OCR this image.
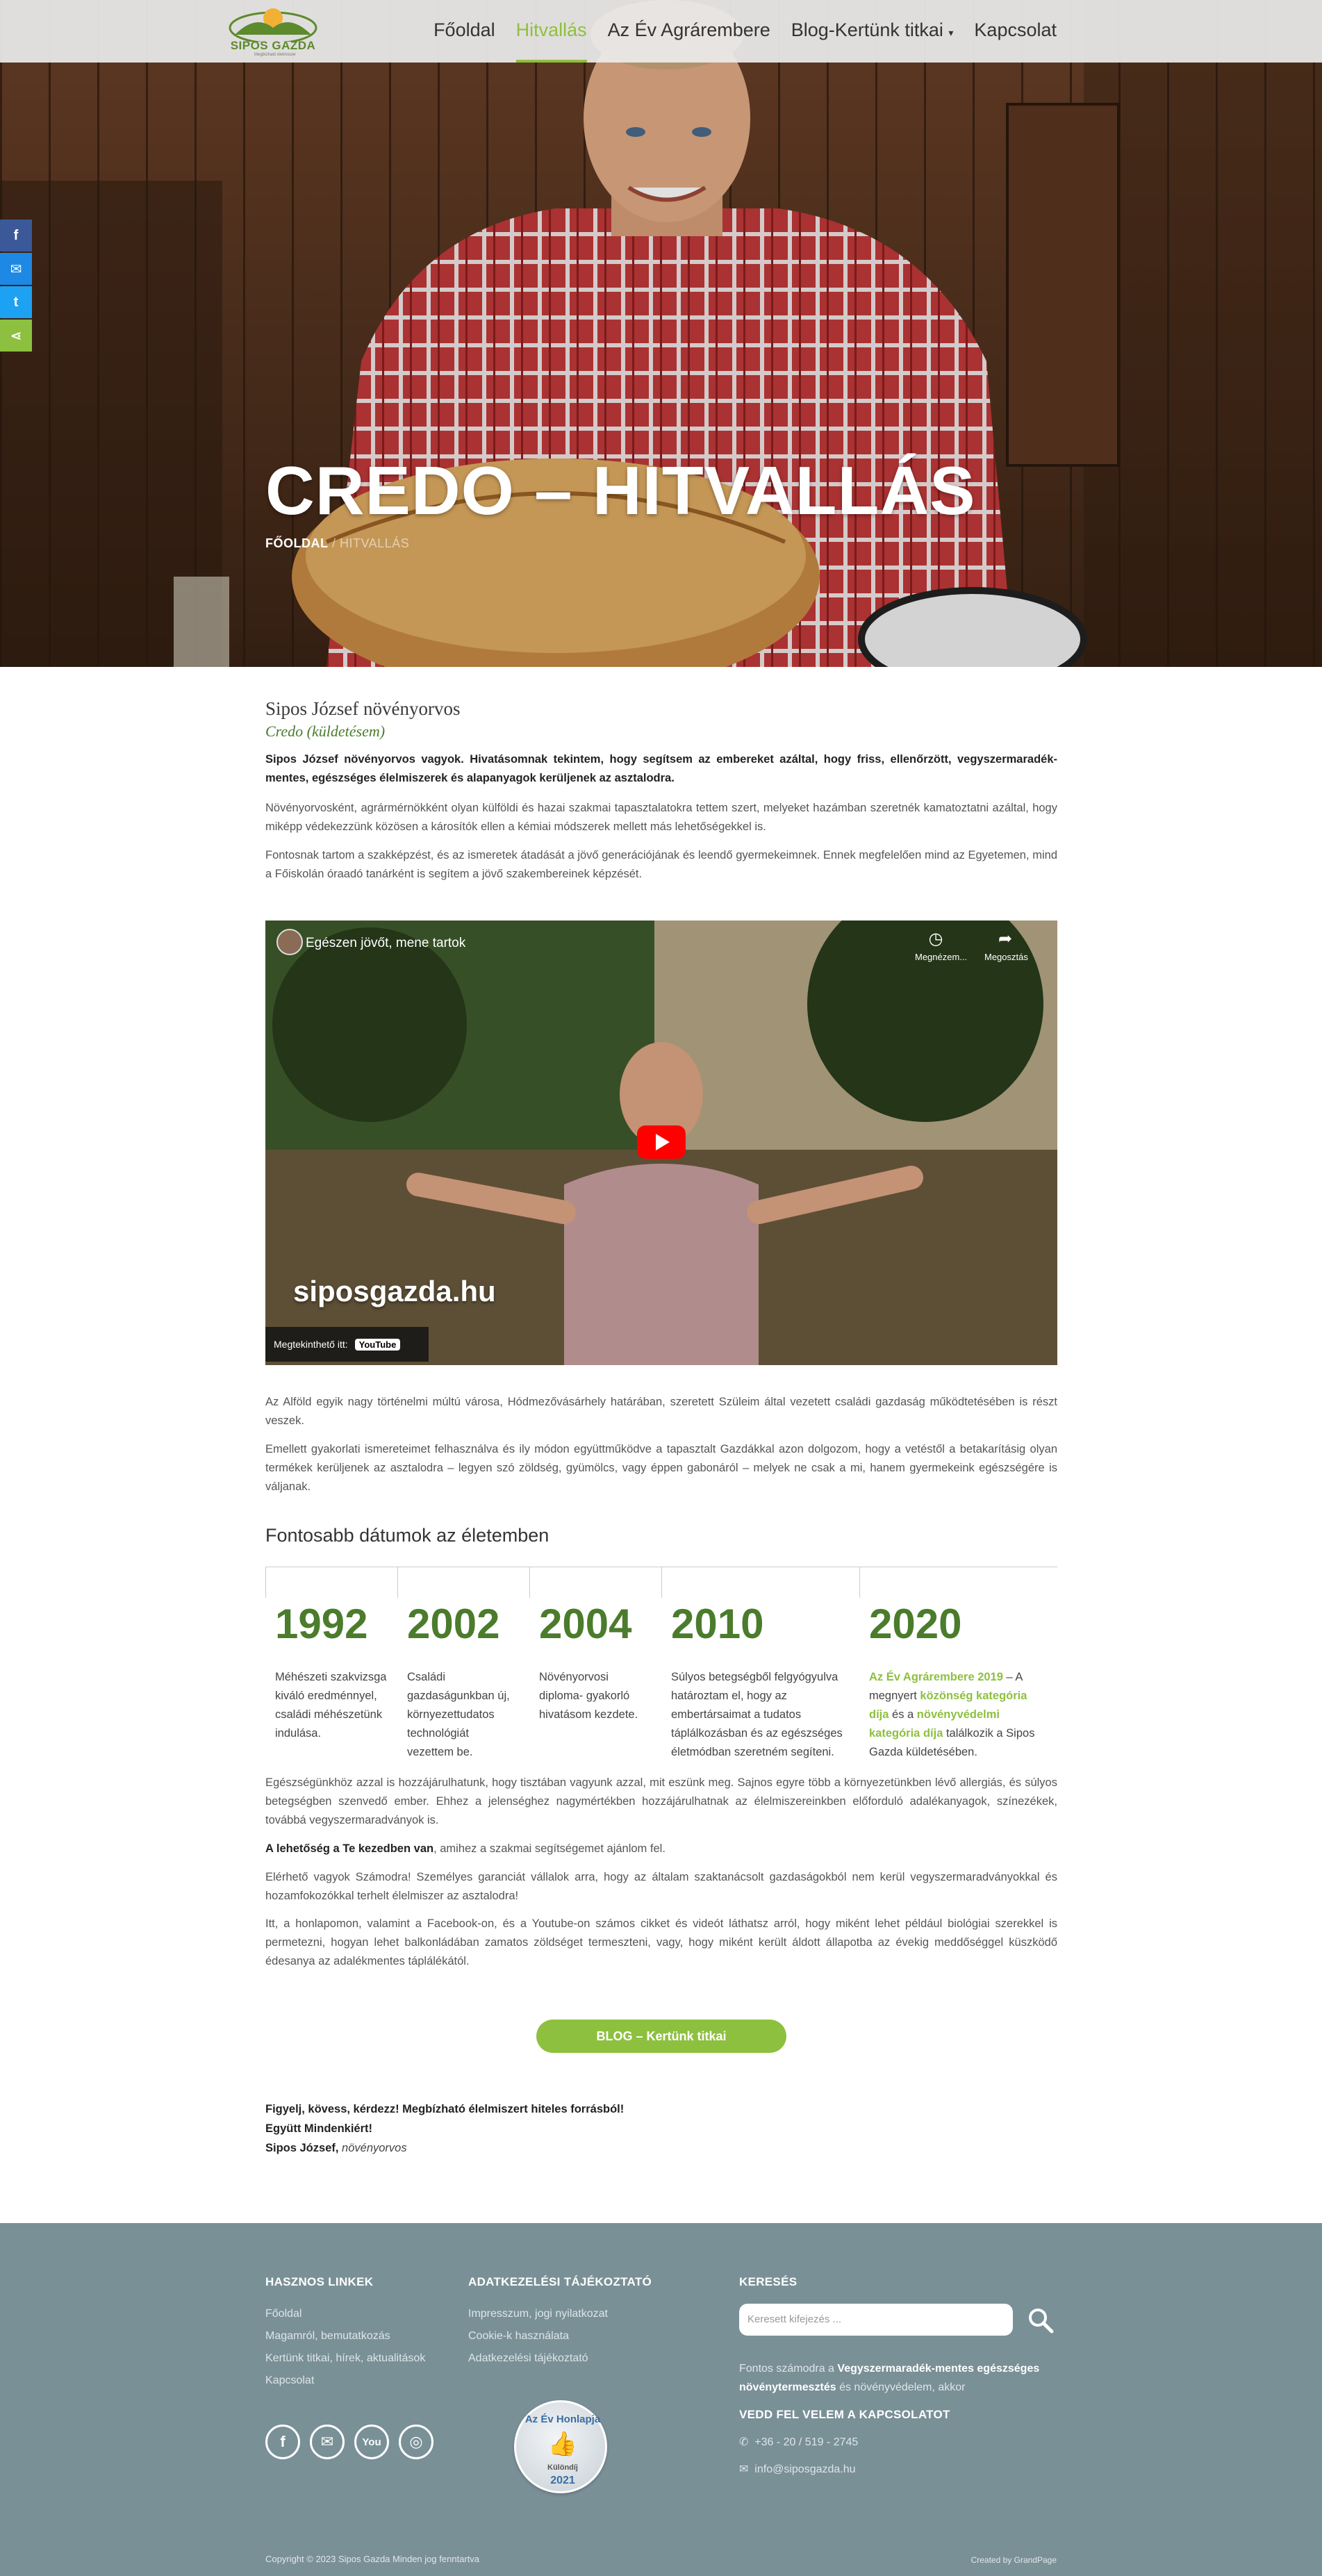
CREDO – HITVALLÁS
FŐOLDAL / HITVALLÁS
SIPOS GAZDA
Megbízható élelmiszer
Főoldal Hitvallás Az Év Agrárembere Blog-Kertünk titkai ▾ Kapcsolat
f
✉
t
⋖
Sipos József növényorvos
Credo (küldetésem)
Sipos József növényorvos vagyok. Hivatásomnak tekintem, hogy segítsem az embereket azáltal, hogy friss, ellenőrzött, vegyszermaradék-mentes, egészséges élelmiszerek és alapanyagok kerüljenek az asztalodra.
Növényorvosként, agrármérnökként olyan külföldi és hazai szakmai tapasztalatokra tettem szert, melyeket hazámban szeretnék kamatoztatni azáltal, hogy miképp védekezzünk közösen a károsítók ellen a kémiai módszerek mellett más lehetőségekkel is.
Fontosnak tartom a szakképzést, és az ismeretek átadását a jövő generációjának és leendő gyermekeimnek. Ennek megfelelően mind az Egyetemen, mind a Főiskolán óraadó tanárként is segítem a jövő szakembereinek képzését.
Egészen jövőt, mene tartok	◷
Megnézem...
➦
Megosztás
siposgazda.hu
Megtekinthető itt:	YouTube
Az Alföld egyik nagy történelmi múltú városa, Hódmezővásárhely határában, szeretett Szüleim által vezetett családi gazdaság működtetésében is részt veszek.
Emellett gyakorlati ismereteimet felhasználva és ily módon együttműködve a tapasztalt Gazdákkal azon dolgozom, hogy a vetéstől a betakarításig olyan termékek kerüljenek az asztalodra – legyen szó zöldség, gyümölcs, vagy éppen gabonáról – melyek ne csak a mi, hanem gyermekeink egészségére is váljanak.
Fontosabb dátumok az életemben
1992
Méhészeti szakvizsga kiváló eredménnyel, családi méhészetünk indulása.
2002
Családi gazdaságunkban új, környezettudatos technológiát vezettem be.
2004
Növényorvosi diploma- gyakorló hivatásom kezdete.
2010
Súlyos betegségből felgyógyulva határoztam el, hogy az embertársaimat a tudatos táplálkozásban és az egészséges életmódban szeretném segíteni.
2020
Az Év Agrárembere 2019 – A megnyert közönség kategória díja és a növényvédelmi kategória díja találkozik a Sipos Gazda küldetésében.
Egészségünkhöz azzal is hozzájárulhatunk, hogy tisztában vagyunk azzal, mit eszünk meg. Sajnos egyre több a környezetünkben lévő allergiás, és súlyos betegségben szenvedő ember. Ehhez a jelenséghez nagymértékben hozzájárulhatnak az élelmiszereinkben előforduló adalékanyagok, színezékek, továbbá vegyszermaradványok is.
A lehetőség a Te kezedben van, amihez a szakmai segítségemet ajánlom fel.
Elérhető vagyok Számodra! Személyes garanciát vállalok arra, hogy az általam szaktanácsolt gazdaságokból nem kerül vegyszermaradványokkal és hozamfokozókkal terhelt élelmiszer az asztalodra!
Itt, a honlapomon, valamint a Facebook-on, és a Youtube-on számos cikket és videót láthatsz arról, hogy miként lehet például biológiai szerekkel is permetezni, hogyan lehet balkonládában zamatos zöldséget termeszteni, vagy, hogy miként került áldott állapotba az évekig meddőséggel küszködő édesanya az adalékmentes táplálékától.
BLOG – Kertünk titkai
Figyelj, kövess, kérdezz! Megbízható élelmiszert hiteles forrásból!
Együtt Mindenkiért!
Sipos József, növényorvos
HASZNOS LINKEK
Főoldal
Magamról, bemutatkozás
Kertünk titkai, hírek, aktualitások
Kapcsolat
ADATKEZELÉSI TÁJÉKOZTATÓ
Impresszum, jogi nyilatkozat
Cookie-k használata
Adatkezelési tájékoztató
KERESÉS
Keresett kifejezés ...
Fontos számodra a Vegyszermaradék-mentes egészséges növénytermesztés és növényvédelem, akkor
VEDD FEL VELEM A KAPCSOLATOT
✆ +36 - 20 / 519 - 2745
✉ info@siposgazda.hu
f	✉	You	◎
Az Év Honlapja
👍
Különdíj
2021
Copyright © 2023 Sipos Gazda Minden jog fenntartva	Created by GrandPage
